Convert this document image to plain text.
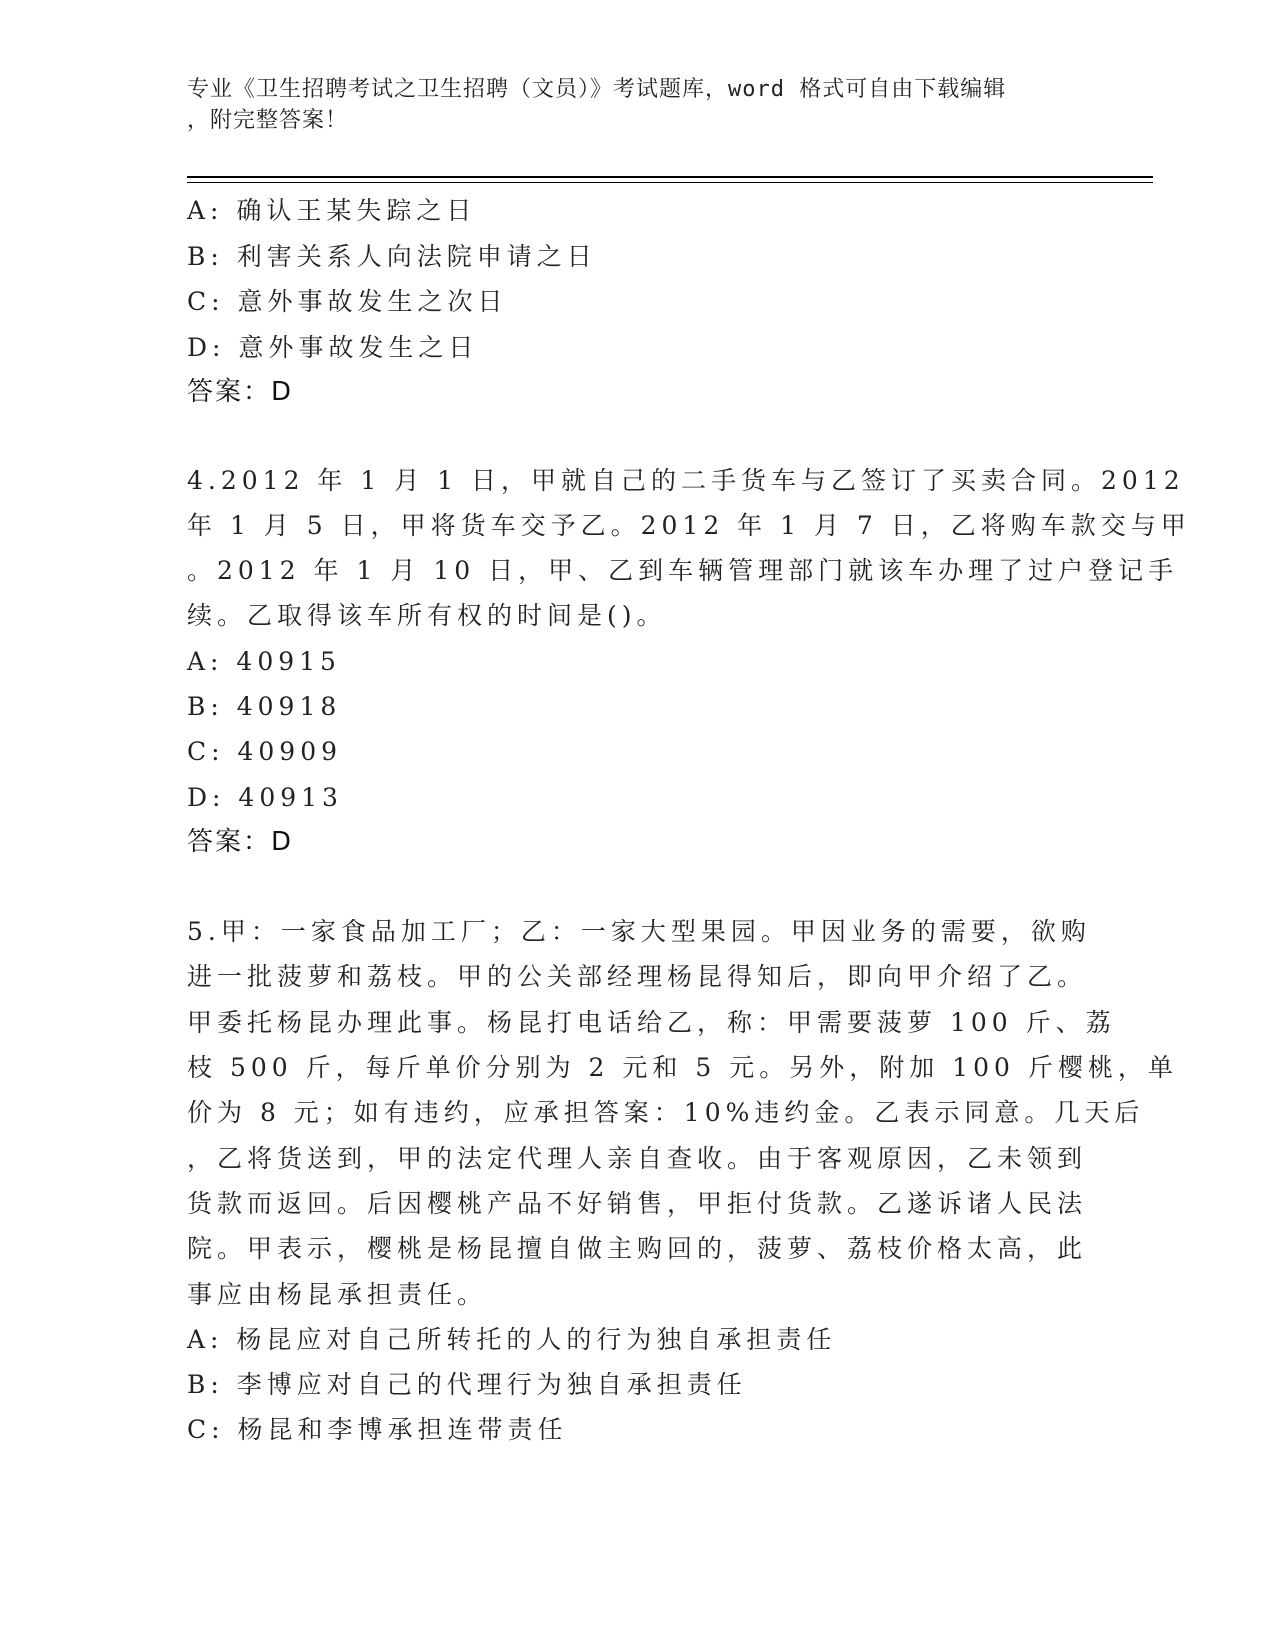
专业《卫生招聘考试之卫生招聘（文员）》考试题库，word 格式可自由下载编辑
，附完整答案！
A: 确认王某失踪之日
B: 利害关系人向法院申请之日
C: 意外事故发生之次日
D: 意外事故发生之日
答案：D
4.2012 年 1 月 1 日，甲就自己的二手货车与乙签订了买卖合同。2012
年 1 月 5 日，甲将货车交予乙。2012 年 1 月 7 日，乙将购车款交与甲
。2012 年 1 月 10 日，甲、乙到车辆管理部门就该车办理了过户登记手
续。乙取得该车所有权的时间是()。
A: 40915
B: 40918
C: 40909
D: 40913
答案：D
5.甲：一家食品加工厂；乙：一家大型果园。甲因业务的需要，欲购
进一批菠萝和荔枝。甲的公关部经理杨昆得知后，即向甲介绍了乙。
甲委托杨昆办理此事。杨昆打电话给乙，称：甲需要菠萝 100 斤、荔
枝 500 斤，每斤单价分别为 2 元和 5 元。另外，附加 100 斤樱桃，单
价为 8 元；如有违约，应承担答案：10%违约金。乙表示同意。几天后
，乙将货送到，甲的法定代理人亲自查收。由于客观原因，乙未领到
货款而返回。后因樱桃产品不好销售，甲拒付货款。乙遂诉诸人民法
院。甲表示，樱桃是杨昆擅自做主购回的，菠萝、荔枝价格太高，此
事应由杨昆承担责任。
A: 杨昆应对自己所转托的人的行为独自承担责任
B: 李博应对自己的代理行为独自承担责任
C: 杨昆和李博承担连带责任
